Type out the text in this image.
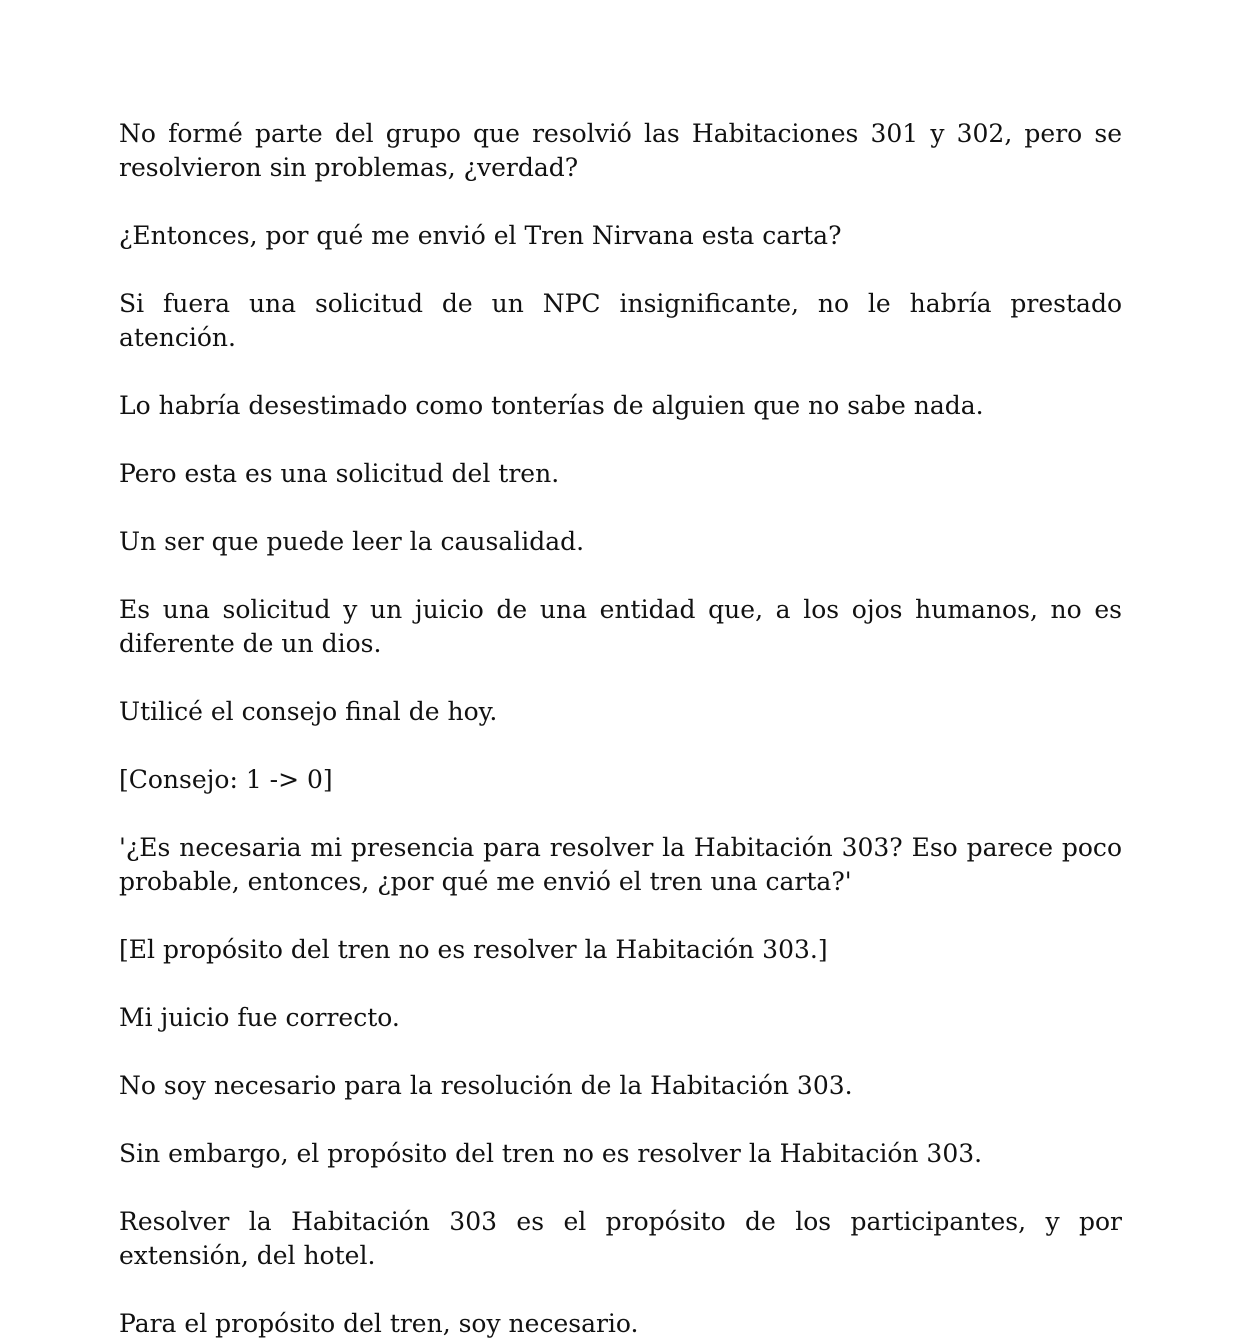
No formé parte del grupo que resolvió las Habitaciones 301 y 302, pero se resolvieron sin problemas, ¿verdad?

¿Entonces, por qué me envió el Tren Nirvana esta carta?

Si fuera una solicitud de un NPC insignificante, no le habría prestado atención.

Lo habría desestimado como tonterías de alguien que no sabe nada.

Pero esta es una solicitud del tren.

Un ser que puede leer la causalidad.

Es una solicitud y un juicio de una entidad que, a los ojos humanos, no es diferente de un dios.

Utilicé el consejo final de hoy.

[Consejo: 1 -> 0]

'¿Es necesaria mi presencia para resolver la Habitación 303? Eso parece poco probable, entonces, ¿por qué me envió el tren una carta?'

[El propósito del tren no es resolver la Habitación 303.]

Mi juicio fue correcto.

No soy necesario para la resolución de la Habitación 303.

Sin embargo, el propósito del tren no es resolver la Habitación 303.

Resolver la Habitación 303 es el propósito de los participantes, y por extensión, del hotel.

Para el propósito del tren, soy necesario.
